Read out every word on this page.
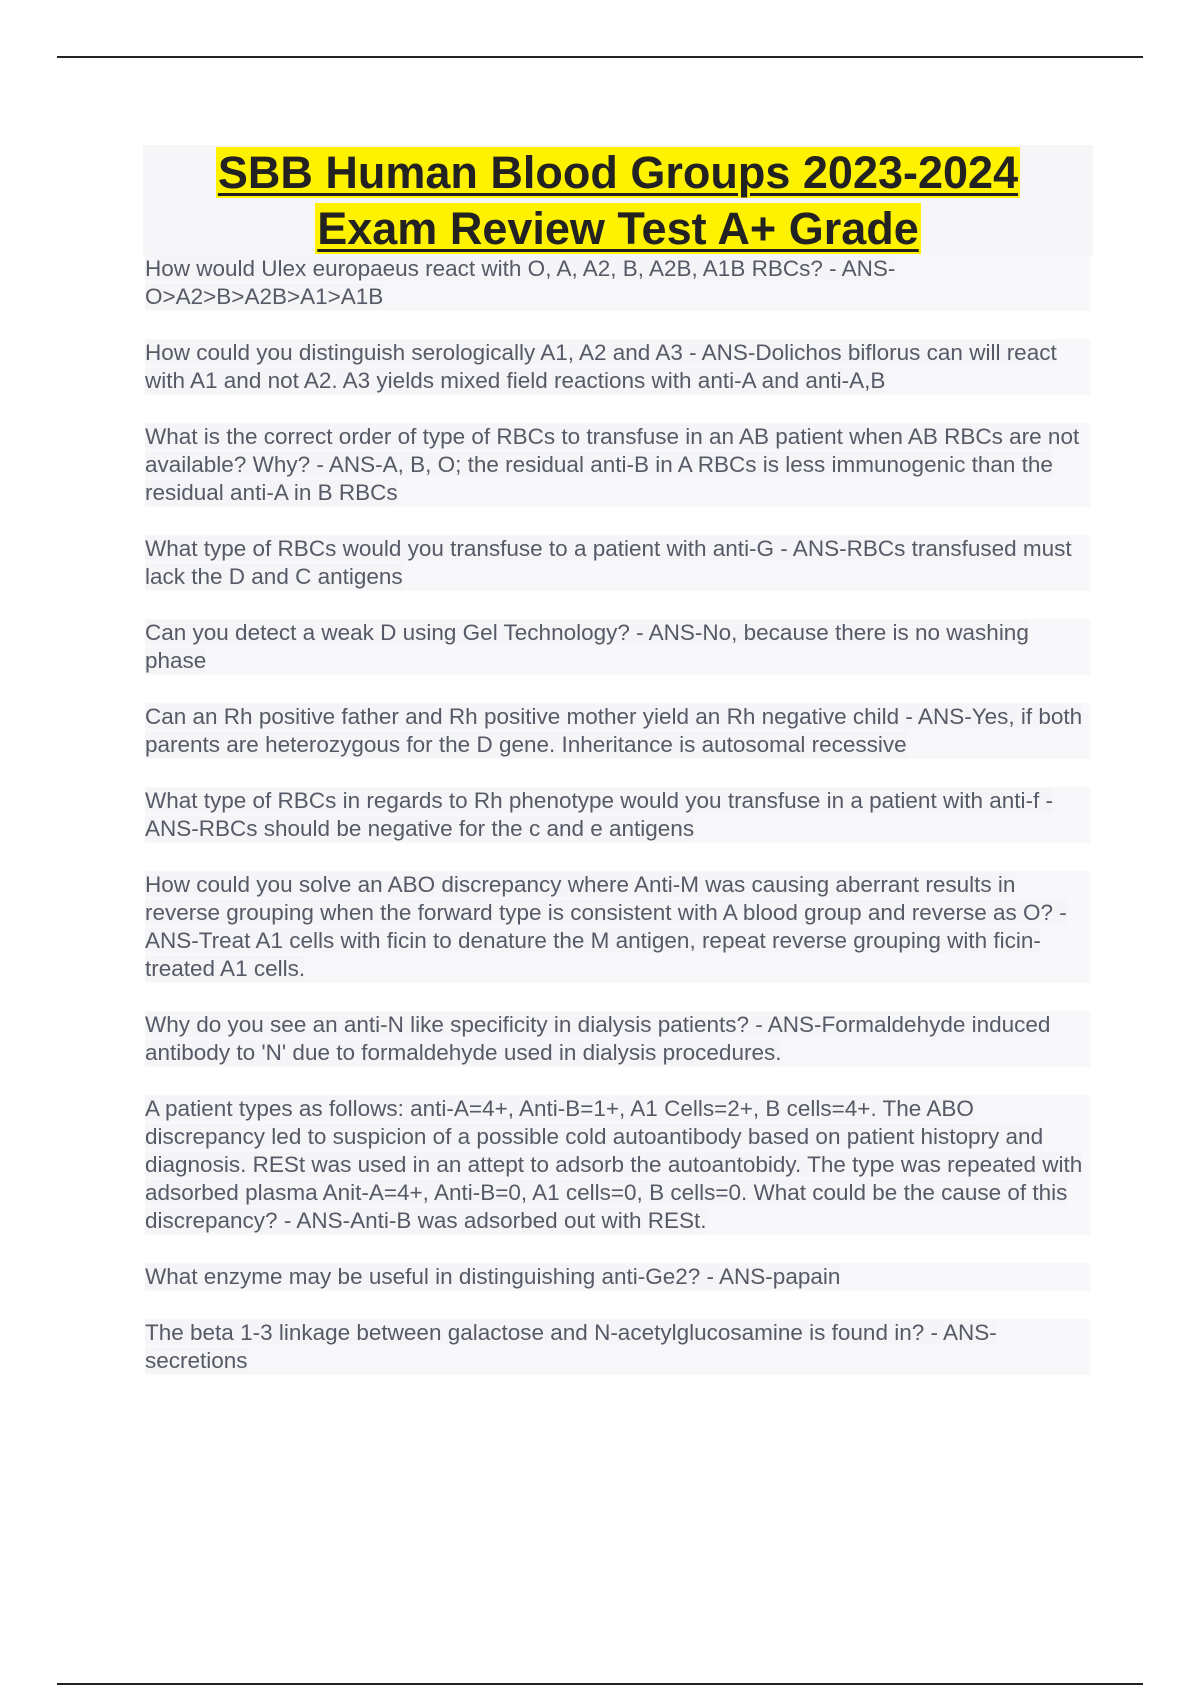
SBB Human Blood Groups 2023-2024
Exam Review Test A+ Grade

How would Ulex europaeus react with O, A, A2, B, A2B, A1B RBCs? - ANS-O>A2>B>A2B>A1>A1B

How could you distinguish serologically A1, A2 and A3 - ANS-Dolichos biflorus can will react with A1 and not A2. A3 yields mixed field reactions with anti-A and anti-A,B

What is the correct order of type of RBCs to transfuse in an AB patient when AB RBCs are not available? Why? - ANS-A, B, O; the residual anti-B in A RBCs is less immunogenic than the residual anti-A in B RBCs

What type of RBCs would you transfuse to a patient with anti-G - ANS-RBCs transfused must lack the D and C antigens

Can you detect a weak D using Gel Technology? - ANS-No, because there is no washing phase

Can an Rh positive father and Rh positive mother yield an Rh negative child - ANS-Yes, if both parents are heterozygous for the D gene. Inheritance is autosomal recessive

What type of RBCs in regards to Rh phenotype would you transfuse in a patient with anti-f - ANS-RBCs should be negative for the c and e antigens

How could you solve an ABO discrepancy where Anti-M was causing aberrant results in reverse grouping when the forward type is consistent with A blood group and reverse as O? - ANS-Treat A1 cells with ficin to denature the M antigen, repeat reverse grouping with ficin-treated A1 cells.

Why do you see an anti-N like specificity in dialysis patients? - ANS-Formaldehyde induced antibody to 'N' due to formaldehyde used in dialysis procedures.

A patient types as follows: anti-A=4+, Anti-B=1+, A1 Cells=2+, B cells=4+. The ABO discrepancy led to suspicion of a possible cold autoantibody based on patient histopry and diagnosis. RESt was used in an attept to adsorb the autoantobidy. The type was repeated with adsorbed plasma Anit-A=4+, Anti-B=0, A1 cells=0, B cells=0. What could be the cause of this discrepancy? - ANS-Anti-B was adsorbed out with RESt.

What enzyme may be useful in distinguishing anti-Ge2? - ANS-papain

The beta 1-3 linkage between galactose and N-acetylglucosamine is found in? - ANS-secretions
